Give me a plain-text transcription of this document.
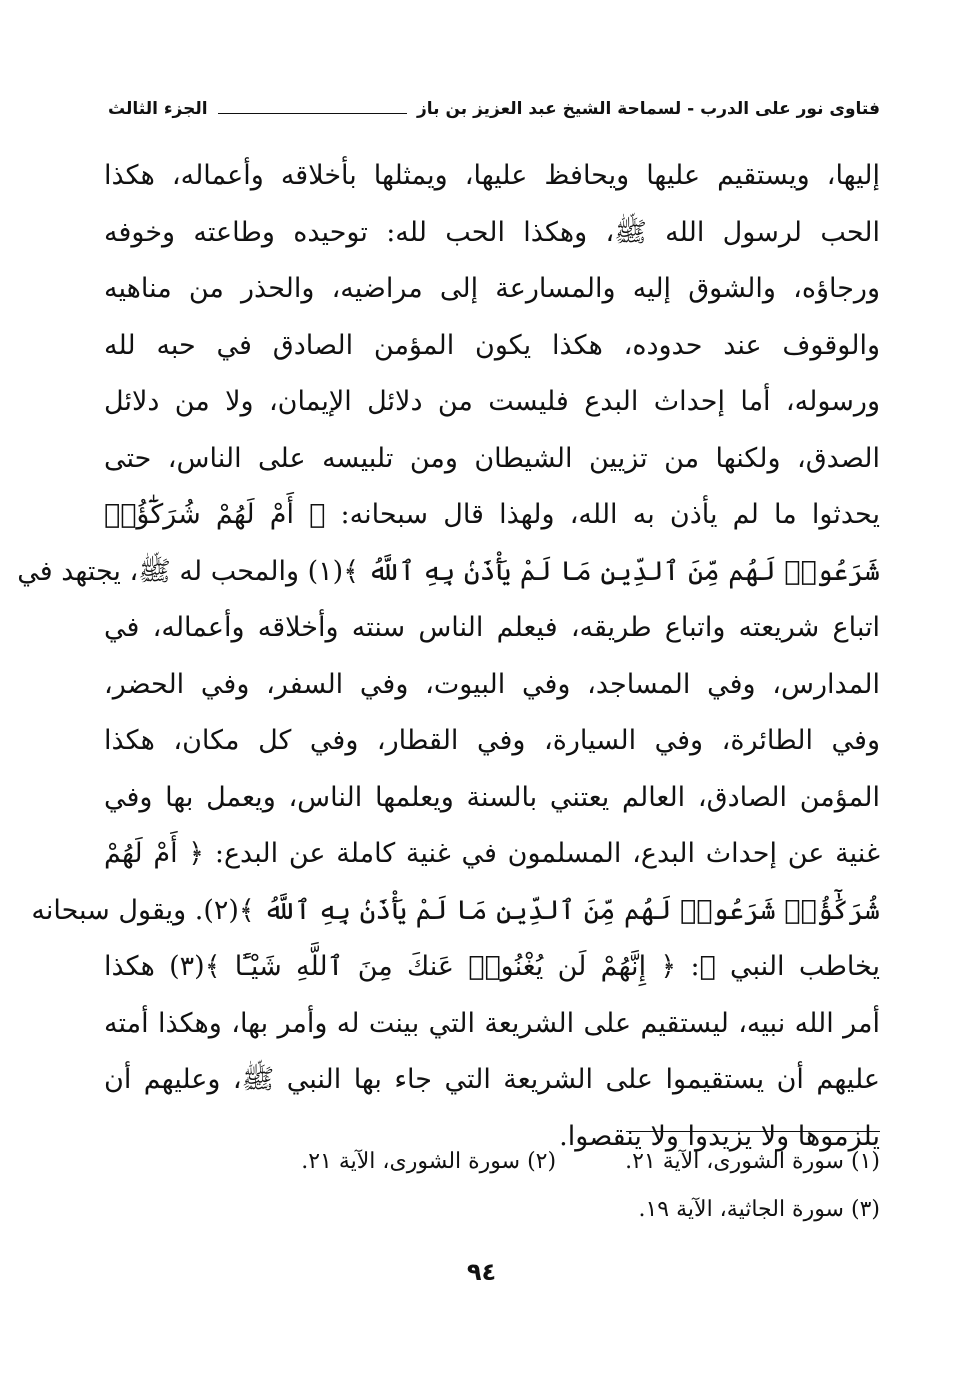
فتاوى نور على الدرب - لسماحة الشيخ عبد العزيز بن باز
الجزء الثالث
إليها، ويستقيم عليها ويحافظ عليها، ويمثلها بأخلاقه وأعماله، هكذا
الحب لرسول الله ﷺ، وهكذا الحب لله: توحيده وطاعته وخوفه
ورجاؤه، والشوق إليه والمسارعة إلى مراضيه، والحذر من مناهيه
والوقوف عند حدوده، هكذا يكون المؤمن الصادق في حبه لله
ورسوله، أما إحداث البدع فليست من دلائل الإيمان، ولا من دلائل
الصدق، ولكنها من تزيين الشيطان ومن تلبيسه على الناس، حتى
يحدثوا ما لم يأذن به الله، ولهذا قال سبحانه: ﴿ أَمْ لَهُمْ شُرَكَٰٓؤُا۟
شَرَعُوا۟ لَهُم مِّنَ ٱلدِّينِ مَا لَمْ يَأْذَنۢ بِهِ ٱللَّهُ ﴾(١) والمحب له ﷺ، يجتهد في
اتباع شريعته واتباع طريقه، فيعلم الناس سنته وأخلاقه وأعماله، في
المدارس، وفي المساجد، وفي البيوت، وفي السفر، وفي الحضر،
وفي الطائرة، وفي السيارة، وفي القطار، وفي كل مكان، هكذا
المؤمن الصادق، العالم يعتني بالسنة ويعلمها الناس، ويعمل بها وفي
غنية عن إحداث البدع، المسلمون في غنية كاملة عن البدع: ﴿ أَمْ لَهُمْ
شُرَكَٰٓؤُا۟ شَرَعُوا۟ لَهُم مِّنَ ٱلدِّينِ مَا لَمْ يَأْذَنۢ بِهِ ٱللَّهُ ﴾(٢). ويقول سبحانه
يخاطب النبي ﷺ: ﴿ إِنَّهُمْ لَن يُغْنُوا۟ عَنكَ مِنَ ٱللَّهِ شَيْـًٔا ﴾(٣) هكذا
أمر الله نبيه، ليستقيم على الشريعة التي بينت له وأمر بها، وهكذا أمته
عليهم أن يستقيموا على الشريعة التي جاء بها النبي ﷺ، وعليهم أن
يلزموها ولا يزيدوا ولا ينقصوا.
(١) سورة الشورى، الآية ٢١. (٢) سورة الشورى، الآية ٢١.
(٣) سورة الجاثية، الآية ١٩.
٩٤
